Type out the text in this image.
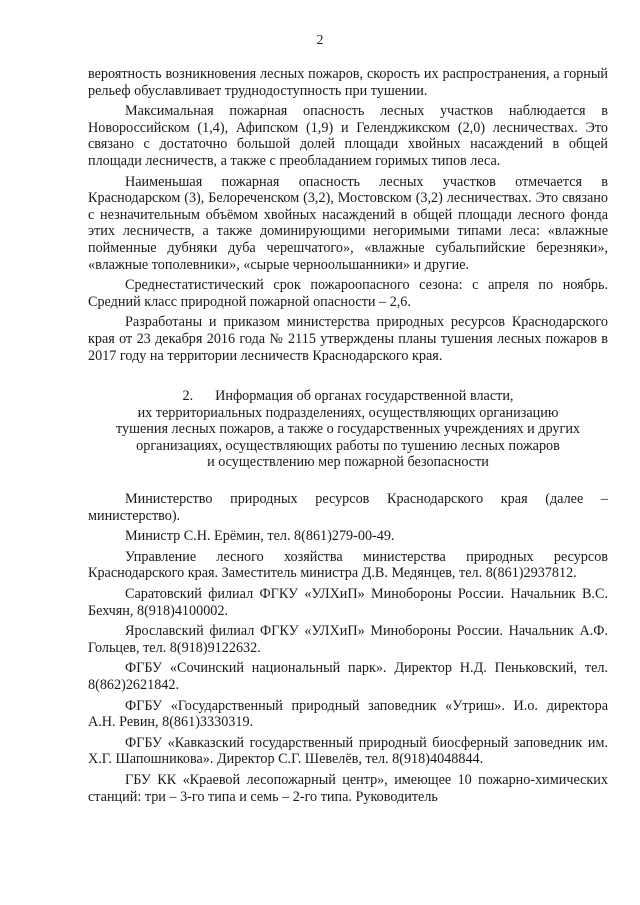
2

вероятность возникновения лесных пожаров, скорость их распространения, а горный рельеф обуславливает труднодоступность при тушении.

Максимальная пожарная опасность лесных участков наблюдается в Новороссийском (1,4), Афипском (1,9) и Геленджикском (2,0) лесничествах. Это связано с достаточно большой долей площади хвойных насаждений в общей площади лесничеств, а также с преобладанием горимых типов леса.

Наименьшая пожарная опасность лесных участков отмечается в Краснодарском (3), Белореченском (3,2), Мостовском (3,2) лесничествах. Это связано с незначительным объёмом хвойных насаждений в общей площади лесного фонда этих лесничеств, а также доминирующими негоримыми типами леса: «влажные пойменные дубняки дуба черешчатого», «влажные субальпийские березняки», «влажные тополевники», «сырые черноольшанники» и другие.

Среднестатистический срок пожароопасного сезона: с апреля по ноябрь. Средний класс природной пожарной опасности – 2,6.

Разработаны и приказом министерства природных ресурсов Краснодарского края от 23 декабря 2016 года № 2115 утверждены планы тушения лесных пожаров в 2017 году на территории лесничеств Краснодарского края.

2. Информация об органах государственной власти,
их территориальных подразделениях, осуществляющих организацию
тушения лесных пожаров, а также о государственных учреждениях и других
организациях, осуществляющих работы по тушению лесных пожаров
и осуществлению мер пожарной безопасности

Министерство природных ресурсов Краснодарского края (далее – министерство).

Министр С.Н. Ерёмин, тел. 8(861)279-00-49.

Управление лесного хозяйства министерства природных ресурсов Краснодарского края. Заместитель министра Д.В. Медянцев, тел. 8(861)2937812.

Саратовский филиал ФГКУ «УЛХиП» Минобороны России. Начальник В.С. Бехчян, 8(918)4100002.

Ярославский филиал ФГКУ «УЛХиП» Минобороны России. Начальник А.Ф. Гольцев, тел. 8(918)9122632.

ФГБУ «Сочинский национальный парк». Директор Н.Д. Пеньковский, тел. 8(862)2621842.

ФГБУ «Государственный природный заповедник «Утриш». И.о. директора А.Н. Ревин, 8(861)3330319.

ФГБУ «Кавказский государственный природный биосферный заповедник им. Х.Г. Шапошникова». Директор С.Г. Шевелёв, тел. 8(918)4048844.

ГБУ КК «Краевой лесопожарный центр», имеющее 10 пожарно-химических станций: три – 3-го типа и семь – 2-го типа. Руководитель
